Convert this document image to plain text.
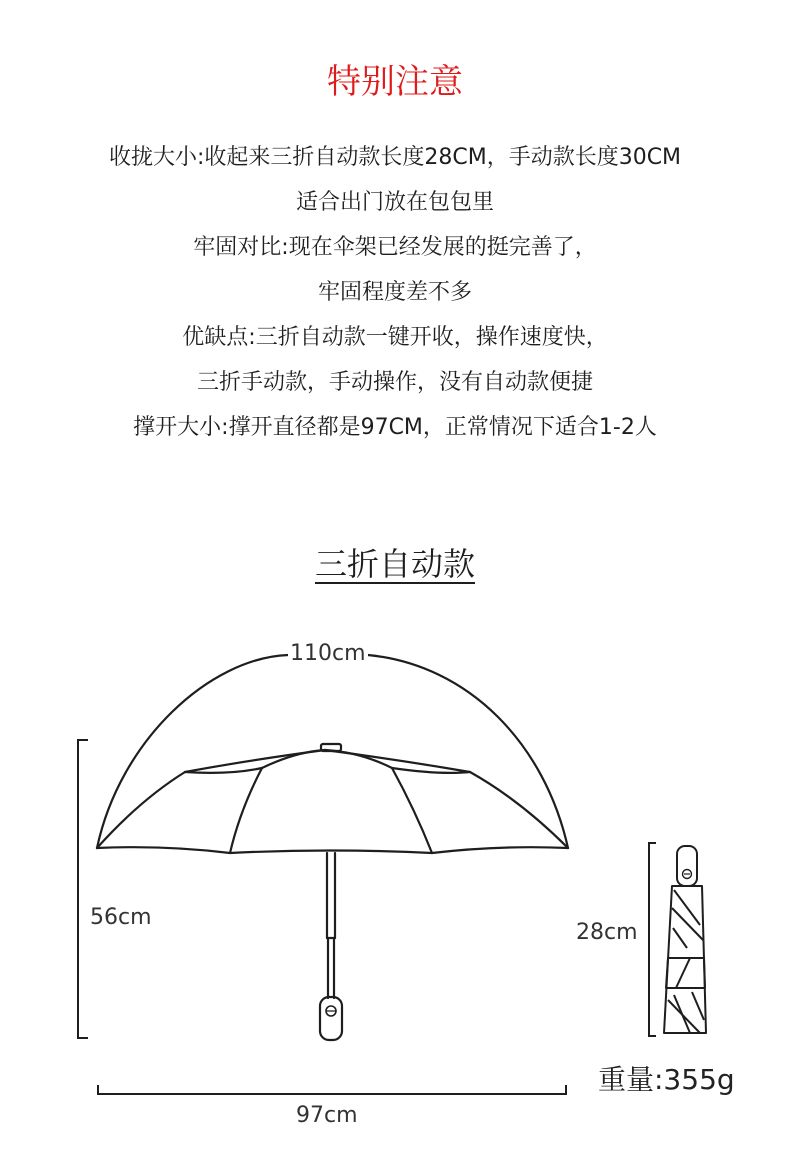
特别注意
收拢大小:收起来三折自动款长度28CM，手动款长度30CM
适合出门放在包包里
牢固对比:现在伞架已经发展的挺完善了，
牢固程度差不多
优缺点:三折自动款一键开收，操作速度快，
三折手动款，手动操作，没有自动款便捷
撑开大小:撑开直径都是97CM，正常情况下适合1-2人
三折自动款
110cm
56cm
97cm
28cm
重量:355g
